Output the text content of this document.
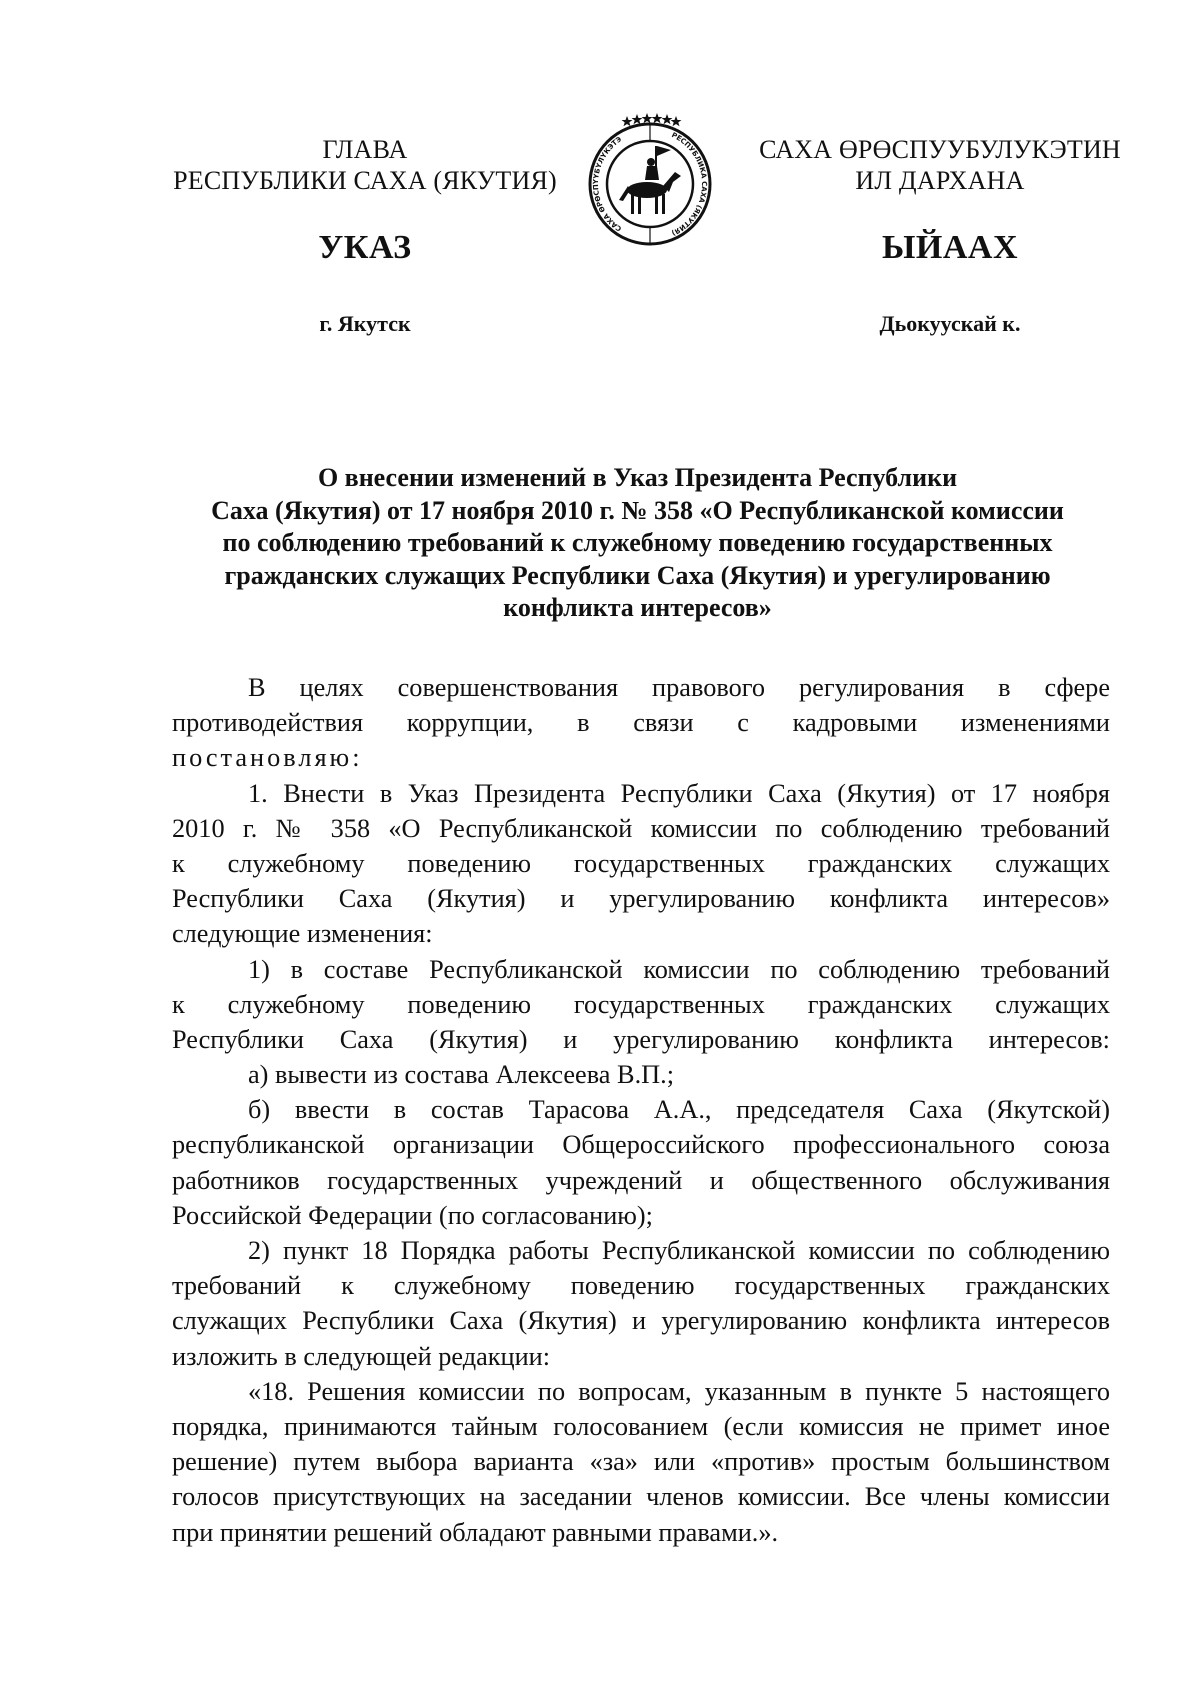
ГЛАВА
РЕСПУБЛИКИ САХА (ЯКУТИЯ)
САХА ӨРӨСПҮҮБҮЛҮКЭТЭ	РЕСПУБЛИКА САХА (ЯКУТИЯ)
САХА ӨРӨСПУУБУЛУКЭТИН
ИЛ ДАРХАНА
УКАЗ	ЫЙААХ
г. Якутск	Дьокуускай к.
О внесении изменений в Указ Президента Республики
Саха (Якутия) от 17 ноября 2010 г. № 358 «О Республиканской комиссии
по соблюдению требований к служебному поведению государственных
гражданских служащих Республики Саха (Якутия) и урегулированию
конфликта интересов»
В целях совершенствования правового регулирования в сфере
противодействия коррупции, в связи с кадровыми изменениями
постановляю:
1. Внести в Указ Президента Республики Саха (Якутия) от 17 ноября
2010 г. № 358 «О Республиканской комиссии по соблюдению требований
к служебному поведению государственных гражданских служащих
Республики Саха (Якутия) и урегулированию конфликта интересов»
следующие изменения:
1) в составе Республиканской комиссии по соблюдению требований
к служебному поведению государственных гражданских служащих
Республики Саха (Якутия) и урегулированию конфликта интересов:
а) вывести из состава Алексеева В.П.;
б) ввести в состав Тарасова А.А., председателя Саха (Якутской)
республиканской организации Общероссийского профессионального союза
работников государственных учреждений и общественного обслуживания
Российской Федерации (по согласованию);
2) пункт 18 Порядка работы Республиканской комиссии по соблюдению
требований к служебному поведению государственных гражданских
служащих Республики Саха (Якутия) и урегулированию конфликта интересов
изложить в следующей редакции:
«18. Решения комиссии по вопросам, указанным в пункте 5 настоящего
порядка, принимаются тайным голосованием (если комиссия не примет иное
решение) путем выбора варианта «за» или «против» простым большинством
голосов присутствующих на заседании членов комиссии. Все члены комиссии
при принятии решений обладают равными правами.».
